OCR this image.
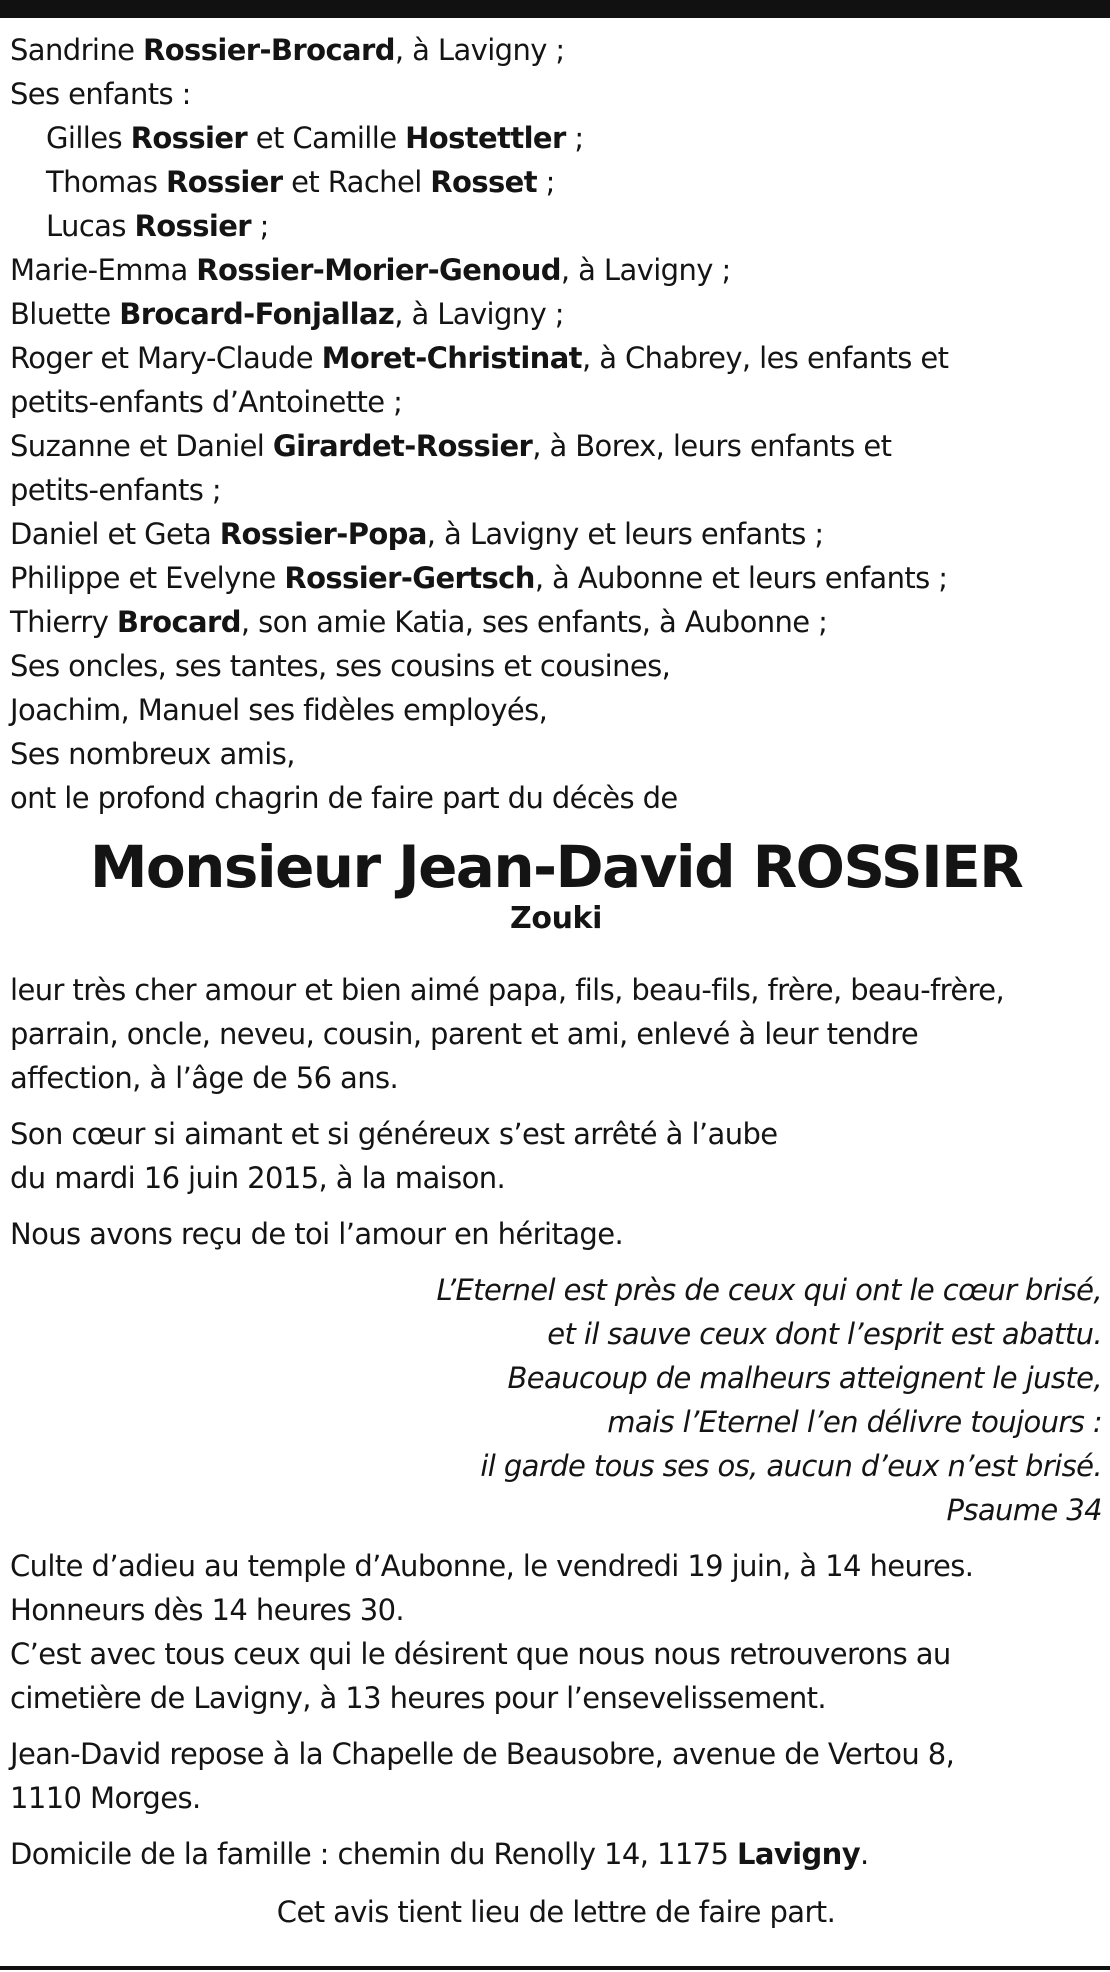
Sandrine Rossier-Brocard, à Lavigny ;
Ses enfants :
Gilles Rossier et Camille Hostettler ;
Thomas Rossier et Rachel Rosset ;
Lucas Rossier ;
Marie-Emma Rossier-Morier-Genoud, à Lavigny ;
Bluette Brocard-Fonjallaz, à Lavigny ;
Roger et Mary-Claude Moret-Christinat, à Chabrey, les enfants et
petits-enfants d’Antoinette ;
Suzanne et Daniel Girardet-Rossier, à Borex, leurs enfants et
petits-enfants ;
Daniel et Geta Rossier-Popa, à Lavigny et leurs enfants ;
Philippe et Evelyne Rossier-Gertsch, à Aubonne et leurs enfants ;
Thierry Brocard, son amie Katia, ses enfants, à Aubonne ;
Ses oncles, ses tantes, ses cousins et cousines,
Joachim, Manuel ses fidèles employés,
Ses nombreux amis,
ont le profond chagrin de faire part du décès de
Monsieur Jean-David ROSSIER
Zouki
leur très cher amour et bien aimé papa, fils, beau-fils, frère, beau-frère,
parrain, oncle, neveu, cousin, parent et ami, enlevé à leur tendre
affection, à l’âge de 56 ans.
Son cœur si aimant et si généreux s’est arrêté à l’aube
du mardi 16 juin 2015, à la maison.
Nous avons reçu de toi l’amour en héritage.
L’Eternel est près de ceux qui ont le cœur brisé,
et il sauve ceux dont l’esprit est abattu.
Beaucoup de malheurs atteignent le juste,
mais l’Eternel l’en délivre toujours :
il garde tous ses os, aucun d’eux n’est brisé.
Psaume 34
Culte d’adieu au temple d’Aubonne, le vendredi 19 juin, à 14 heures.
Honneurs dès 14 heures 30.
C’est avec tous ceux qui le désirent que nous nous retrouverons au
cimetière de Lavigny, à 13 heures pour l’ensevelissement.
Jean-David repose à la Chapelle de Beausobre, avenue de Vertou 8,
1110 Morges.
Domicile de la famille : chemin du Renolly 14, 1175 Lavigny.
Cet avis tient lieu de lettre de faire part.
